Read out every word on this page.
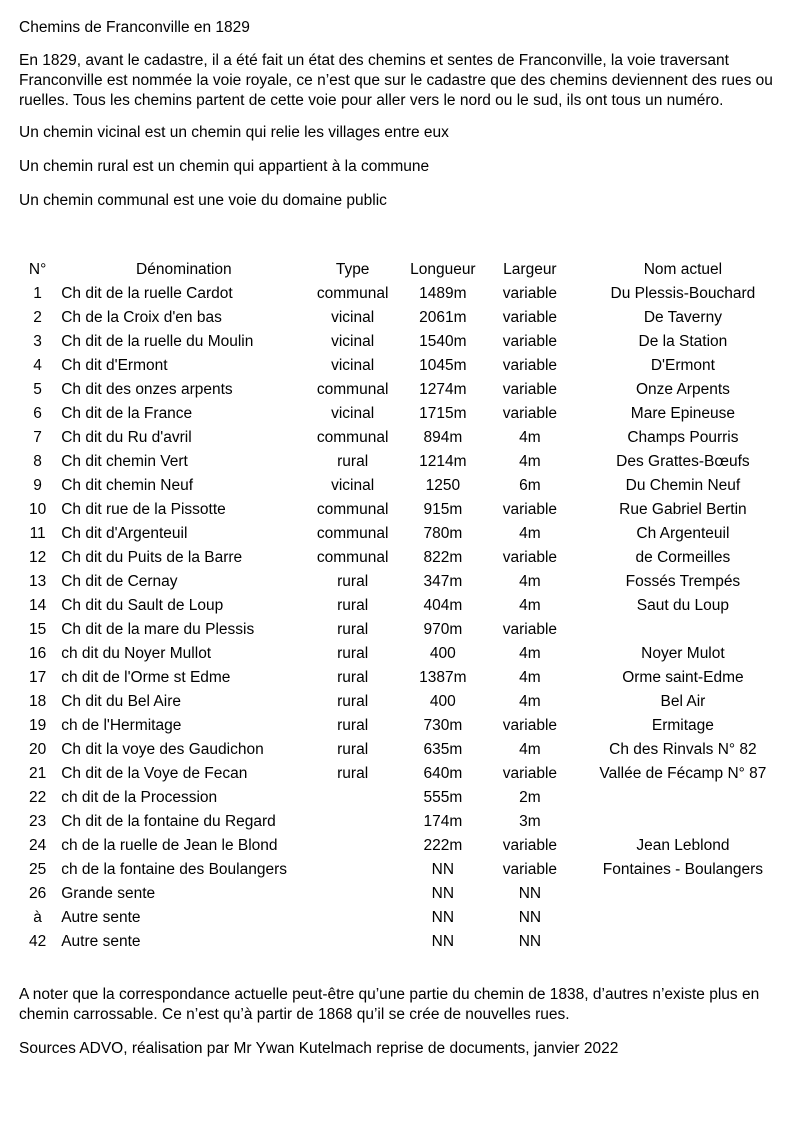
Chemins de Franconville en 1829

En 1829, avant le cadastre, il a été fait un état des chemins et sentes de Franconville, la voie traversant Franconville est nommée la voie royale, ce n’est que sur le cadastre que des chemins deviennent des rues ou ruelles. Tous les chemins partent de cette voie pour aller vers le nord ou le sud, ils ont tous un numéro.

Un chemin vicinal est un chemin qui relie les villages entre eux

Un chemin rural est un chemin qui appartient à la commune

Un chemin communal est une voie du domaine public

N°	Dénomination	Type	Longueur	Largeur	Nom actuel
1	Ch dit de la ruelle Cardot	communal	1489m	variable	Du Plessis-Bouchard
2	Ch de la Croix d'en bas	vicinal	2061m	variable	De Taverny
3	Ch dit de la ruelle du Moulin	vicinal	1540m	variable	De la Station
4	Ch dit d'Ermont	vicinal	1045m	variable	D'Ermont
5	Ch dit des onzes arpents	communal	1274m	variable	Onze Arpents
6	Ch dit de la France	vicinal	1715m	variable	Mare Epineuse
7	Ch dit du Ru d'avril	communal	894m	4m	Champs Pourris
8	Ch dit chemin Vert	rural	1214m	4m	Des Grattes-Bœufs
9	Ch dit chemin Neuf	vicinal	1250	6m	Du Chemin Neuf
10	Ch dit rue de la Pissotte	communal	915m	variable	Rue Gabriel Bertin
11	Ch dit d'Argenteuil	communal	780m	4m	Ch Argenteuil
12	Ch dit du Puits de la Barre	communal	822m	variable	de Cormeilles
13	Ch dit de Cernay	rural	347m	4m	Fossés Trempés
14	Ch dit du Sault de Loup	rural	404m	4m	Saut du Loup
15	Ch dit de la mare du Plessis	rural	970m	variable	
16	ch dit du Noyer Mullot	rural	400	4m	Noyer Mulot
17	ch dit de l'Orme st Edme	rural	1387m	4m	Orme saint-Edme
18	Ch dit du Bel Aire	rural	400	4m	Bel Air
19	ch de l'Hermitage	rural	730m	variable	Ermitage
20	Ch dit la voye des Gaudichon	rural	635m	4m	Ch des Rinvals N° 82
21	Ch dit de la Voye de Fecan	rural	640m	variable	Vallée de Fécamp N° 87
22	ch dit de la Procession		555m	2m	
23	Ch dit de la fontaine du Regard		174m	3m	
24	ch de la ruelle de Jean le Blond		222m	variable	Jean Leblond
25	ch de la fontaine des Boulangers		NN	variable	Fontaines - Boulangers
26	Grande sente		NN	NN	
à	Autre sente		NN	NN	
42	Autre sente		NN	NN	

A noter que la correspondance actuelle peut-être qu’une partie du chemin de 1838, d’autres n’existe plus en chemin carrossable. Ce n’est qu’à partir de 1868 qu’il se crée de nouvelles rues.

Sources ADVO, réalisation par Mr Ywan Kutelmach reprise de documents, janvier 2022
